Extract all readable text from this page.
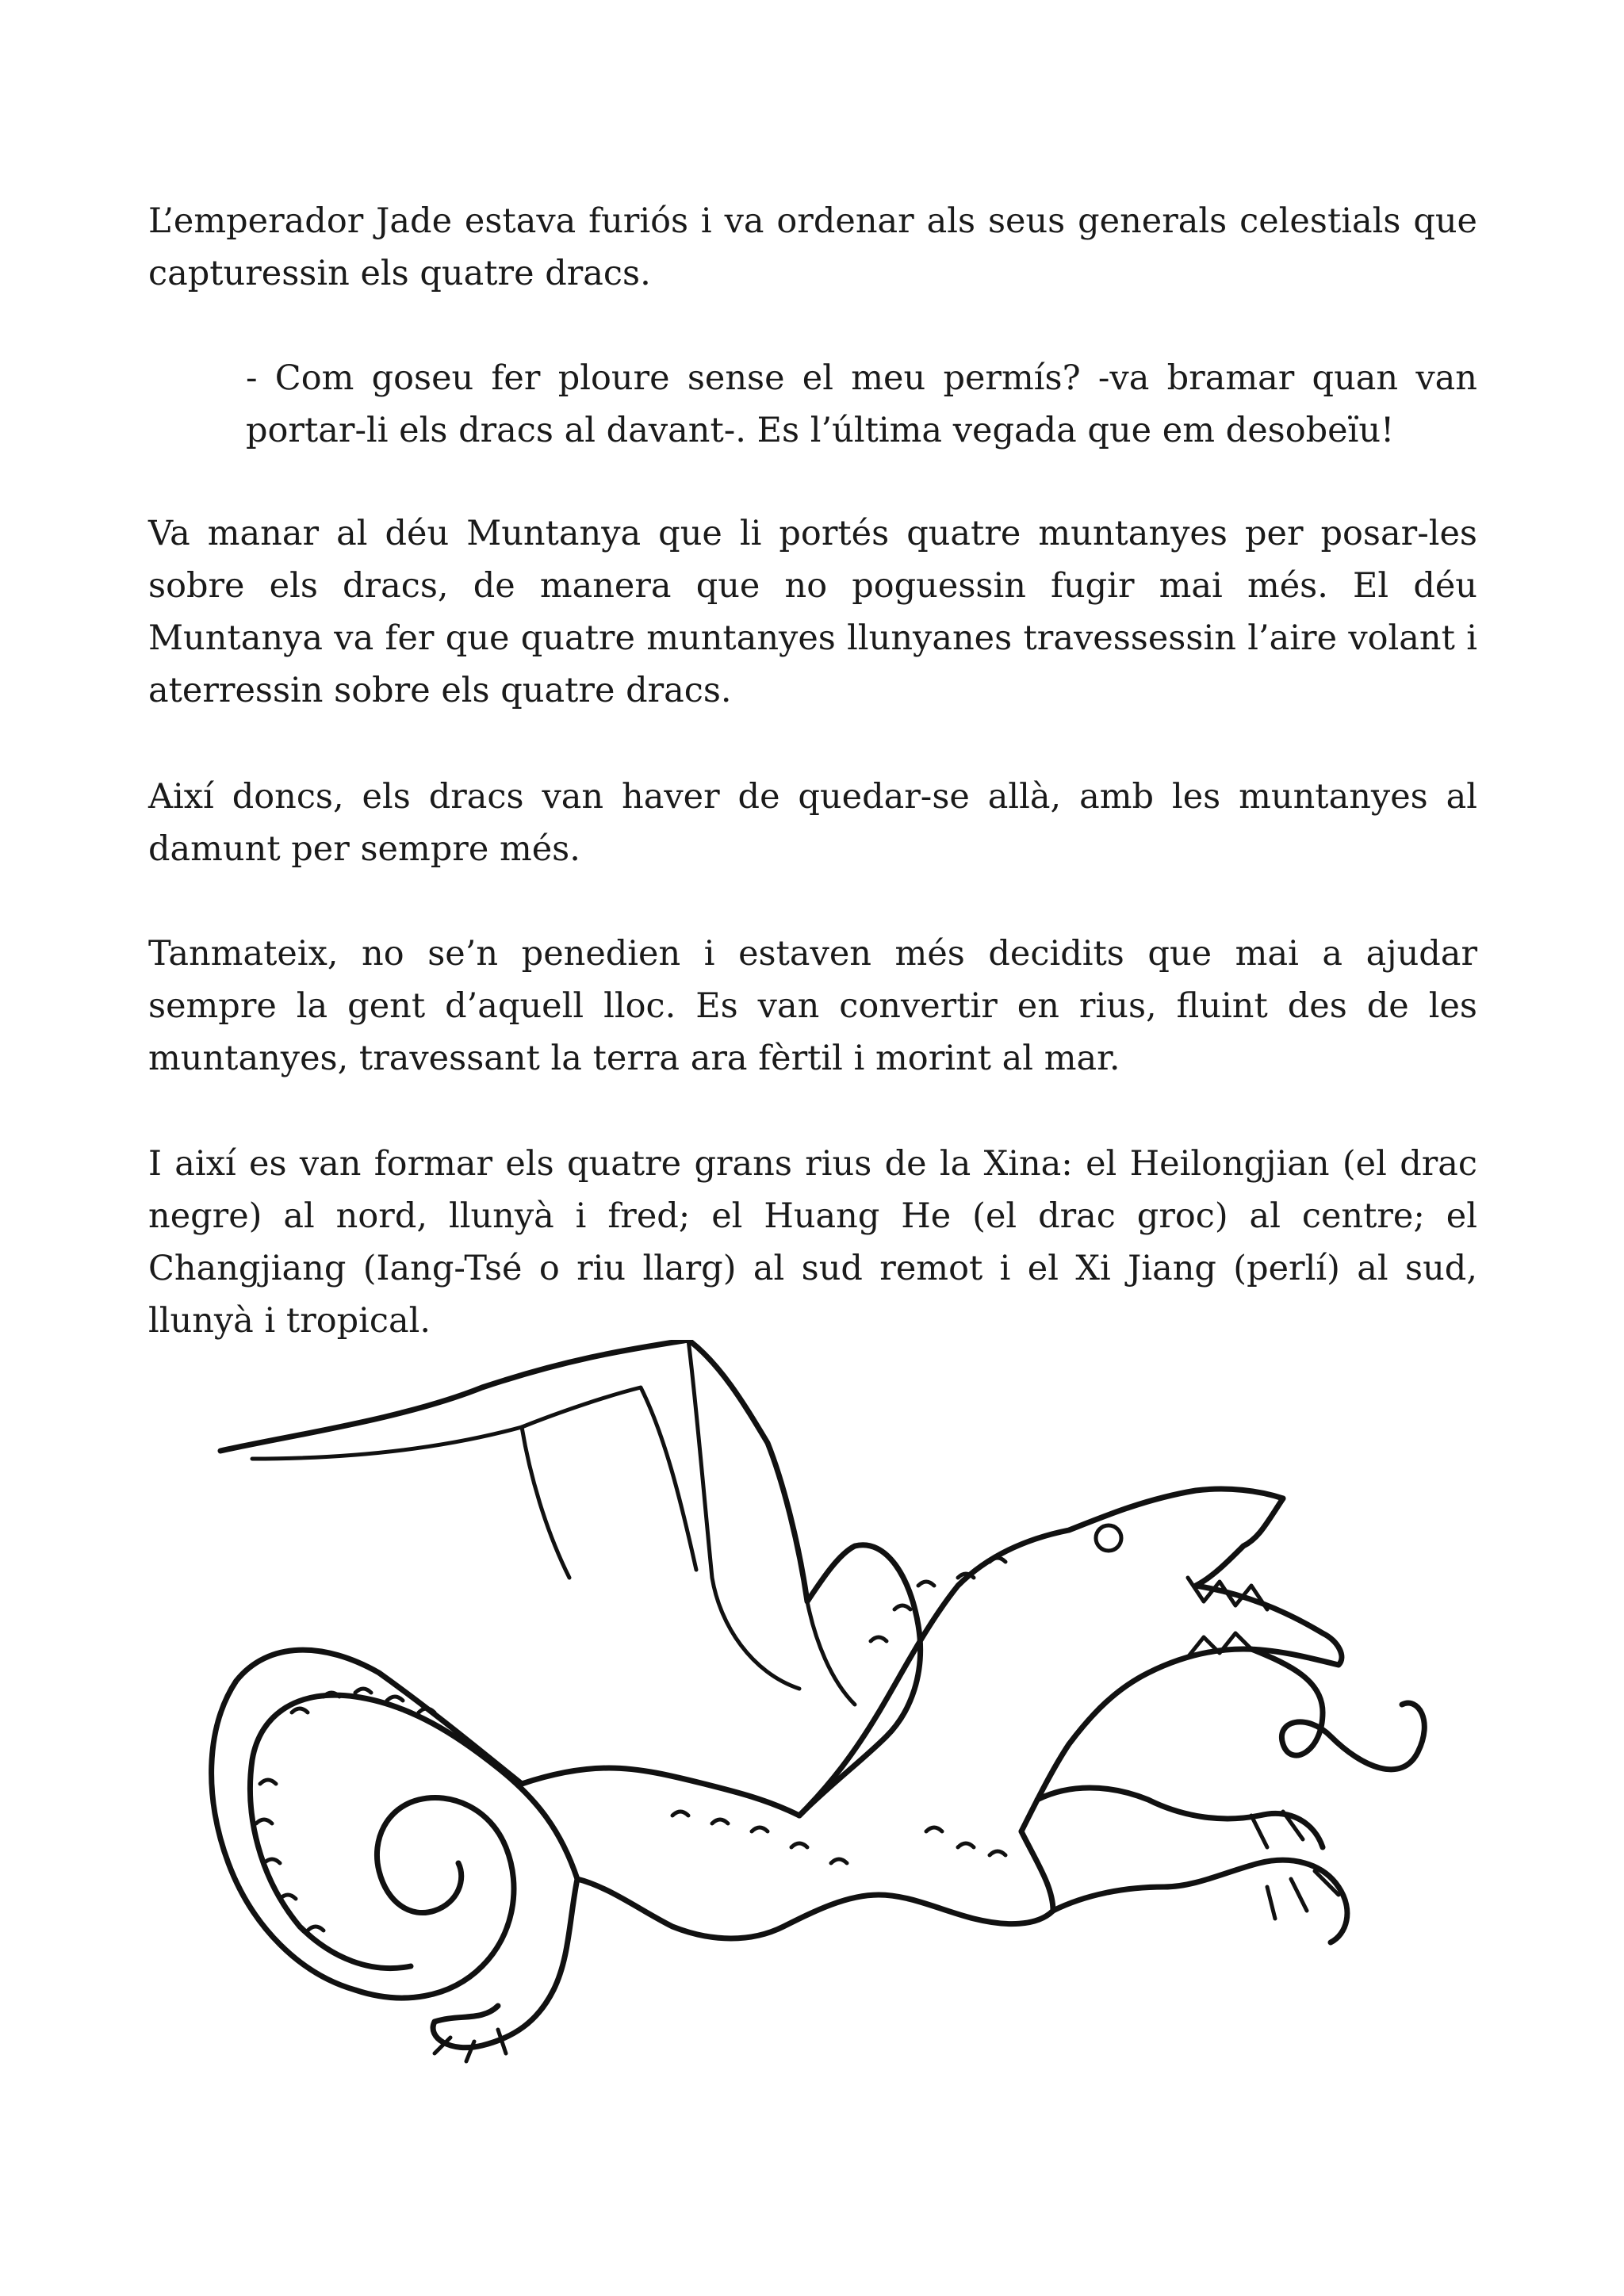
L’emperador Jade estava furiós i va ordenar als seus generals celestials que capturessin els quatre dracs.

- Com goseu fer ploure sense el meu permís? -va bramar quan van portar-li els dracs al davant-. Es l’última vegada que em desobeïu!

Va manar al déu Muntanya que li portés quatre muntanyes per posar-les sobre els dracs, de manera que no poguessin fugir mai més. El déu Muntanya va fer que quatre muntanyes llunyanes travessessin l’aire volant i aterressin sobre els quatre dracs.

Així doncs, els dracs van haver de quedar-se allà, amb les muntanyes al damunt per sempre més.

Tanmateix, no se’n penedien i estaven més decidits que mai a ajudar sempre la gent d’aquell lloc. Es van convertir en rius, fluint des de les muntanyes, travessant la terra ara fèrtil i morint al mar.

I així es van formar els quatre grans rius de la Xina: el Heilongjian (el drac negre) al nord, llunyà i fred; el Huang He (el drac groc) al centre; el Changjiang (Iang-Tsé o riu llarg) al sud remot i el Xi Jiang (perlí) al sud, llunyà i tropical.
